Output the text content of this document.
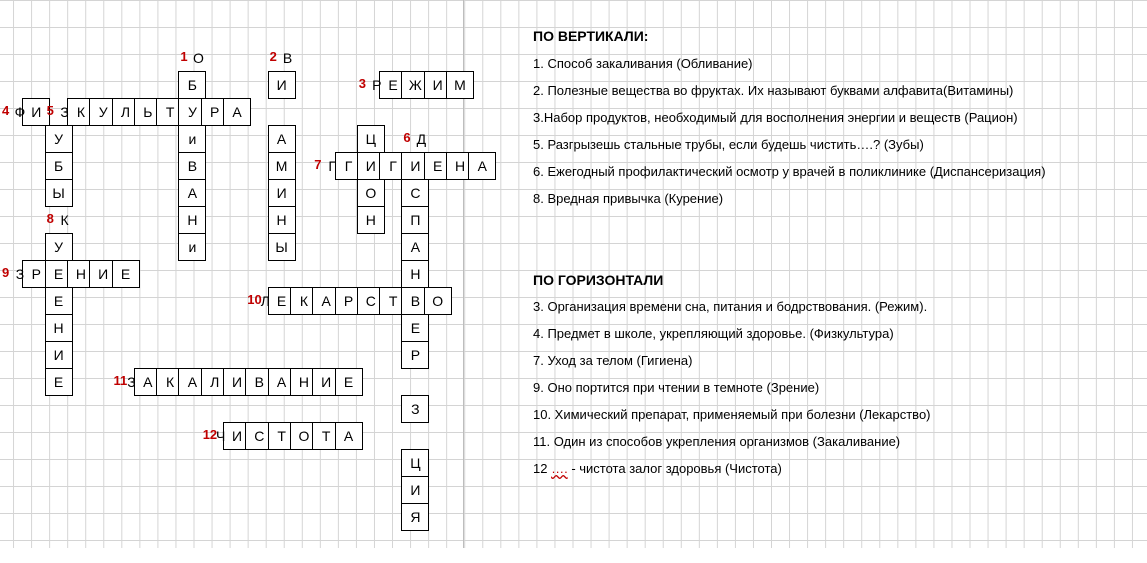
1 О	2 В
Б	И	3 Р Е Ж И М
4 Ф И 5 З К У Л Ь Т У Р А
У	и	А	Ц 6 Д
Б	В	М 7 Г Г И Г И Е Н А
Ы	А	И	О С
8 К	Н	Н	Н П
У	и	Ы	А
9 З Р Е Н И Е	Н
Е	10
Л Е К А Р С Т В О
Н	Е
И	Р
Е	11 З А К А Л И В А Н И Е
З
12
Ч И С Т О Т А
Ц
И
Я
ПО ВЕРТИКАЛИ:
1. Способ закаливания (Обливание)
2. Полезные вещества во фруктах. Их называют буквами алфавита(Витамины)
3.Набор продуктов, необходимый для восполнения энергии и веществ (Рацион)
5. Разгрызешь стальные трубы, если будешь чистить….? (Зубы)
6. Ежегодный профилактический осмотр у врачей в поликлинике (Диспансеризация)
8. Вредная привычка (Курение)
ПО ГОРИЗОНТАЛИ
3. Организация времени сна, питания и бодрствования. (Режим).
4. Предмет в школе, укрепляющий здоровье. (Физкультура)
7. Уход за телом (Гигиена)
9. Оно портится при чтении в темноте (Зрение)
10. Химический препарат, применяемый при болезни (Лекарство)
11. Один из способов укрепления организмов (Закаливание)
12 …. - чистота залог здоровья (Чистота)
